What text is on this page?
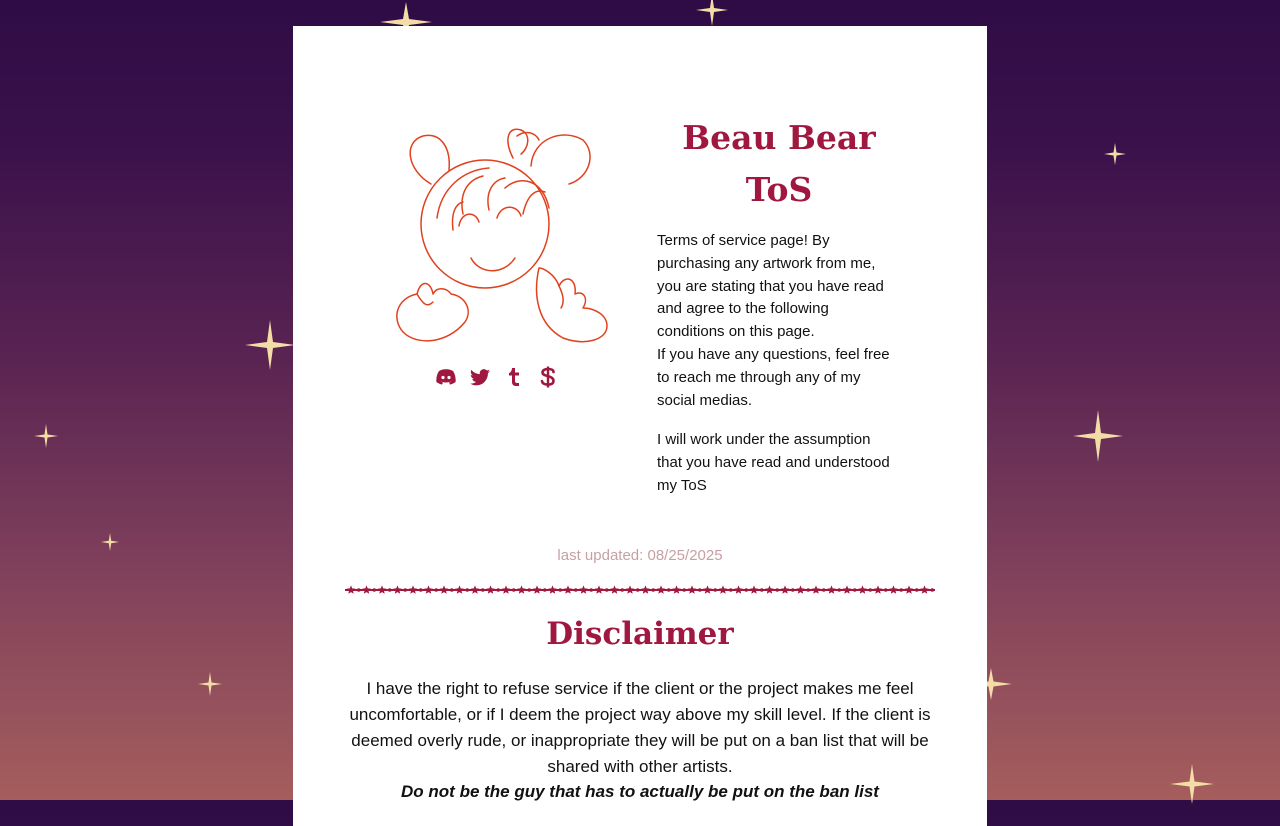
Beau Bear
ToS

Terms of service page! By purchasing any artwork from me, you are stating that you have read and agree to the following conditions on this page.

If you have any questions, feel free to reach me through any of my social medias.

I will work under the assumption that you have read and understood my ToS

last updated: 08/25/2025
Disclaimer

I have the right to refuse service if the client or the project makes me feel uncomfortable, or if I deem the project way above my skill level. If the client is deemed overly rude, or inappropriate they will be put on a ban list that will be shared with other artists.

Do not be the guy that has to actually be put on the ban list
